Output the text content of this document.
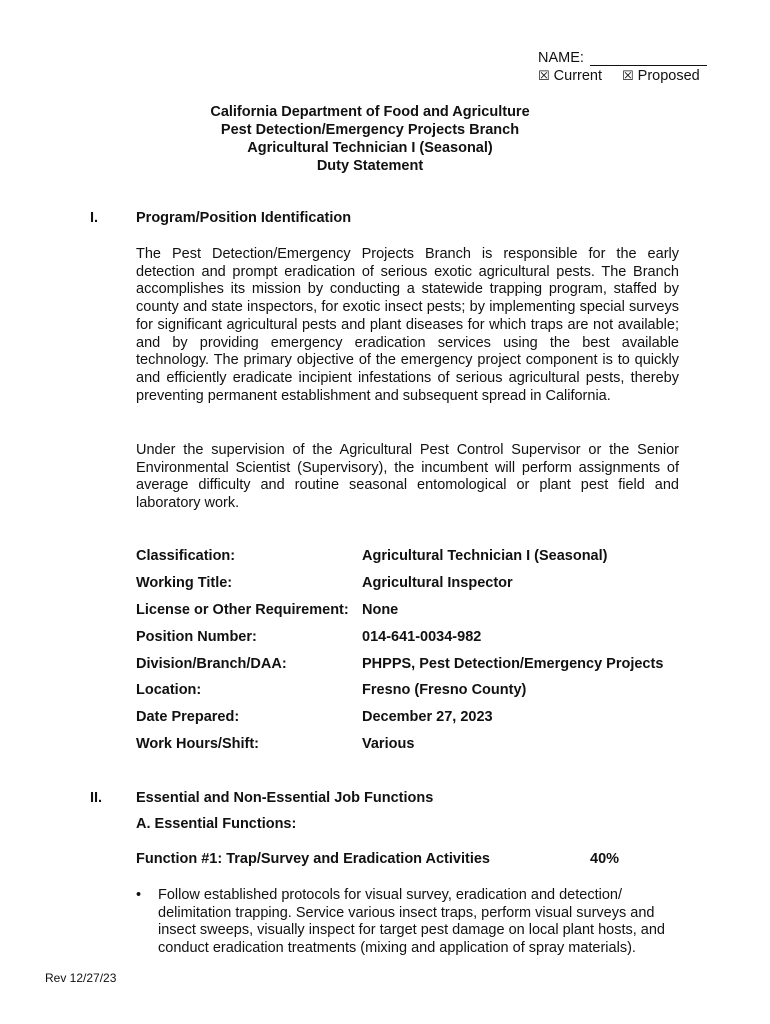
NAME:
☒ Current ☒ Proposed
California Department of Food and Agriculture
Pest Detection/Emergency Projects Branch
Agricultural Technician I (Seasonal)
Duty Statement
I.	Program/Position Identification
The Pest Detection/Emergency Projects Branch is responsible for the early detection and prompt eradication of serious exotic agricultural pests. The Branch accomplishes its mission by conducting a statewide trapping program, staffed by county and state inspectors, for exotic insect pests; by implementing special surveys for significant agricultural pests and plant diseases for which traps are not available; and by providing emergency eradication services using the best available technology. The primary objective of the emergency project component is to quickly and efficiently eradicate incipient infestations of serious agricultural pests, thereby preventing permanent establishment and subsequent spread in California.
Under the supervision of the Agricultural Pest Control Supervisor or the Senior Environmental Scientist (Supervisory), the incumbent will perform assignments of average difficulty and routine seasonal entomological or plant pest field and laboratory work.
Classification:	Agricultural Technician I (Seasonal)
Working Title:	Agricultural Inspector
License or Other Requirement: None
Position Number:	014-641-0034-982
Division/Branch/DAA:	PHPPS, Pest Detection/Emergency Projects
Location:	Fresno (Fresno County)
Date Prepared:	December 27, 2023
Work Hours/Shift:	Various
II. Essential and Non-Essential Job Functions
A. Essential Functions:
Function #1: Trap/Survey and Eradication Activities	40%
•	Follow established protocols for visual survey, eradication and detection/ delimitation trapping. Service various insect traps, perform visual surveys and insect sweeps, visually inspect for target pest damage on local plant hosts, and conduct eradication treatments (mixing and application of spray materials).
Rev 12/27/23
